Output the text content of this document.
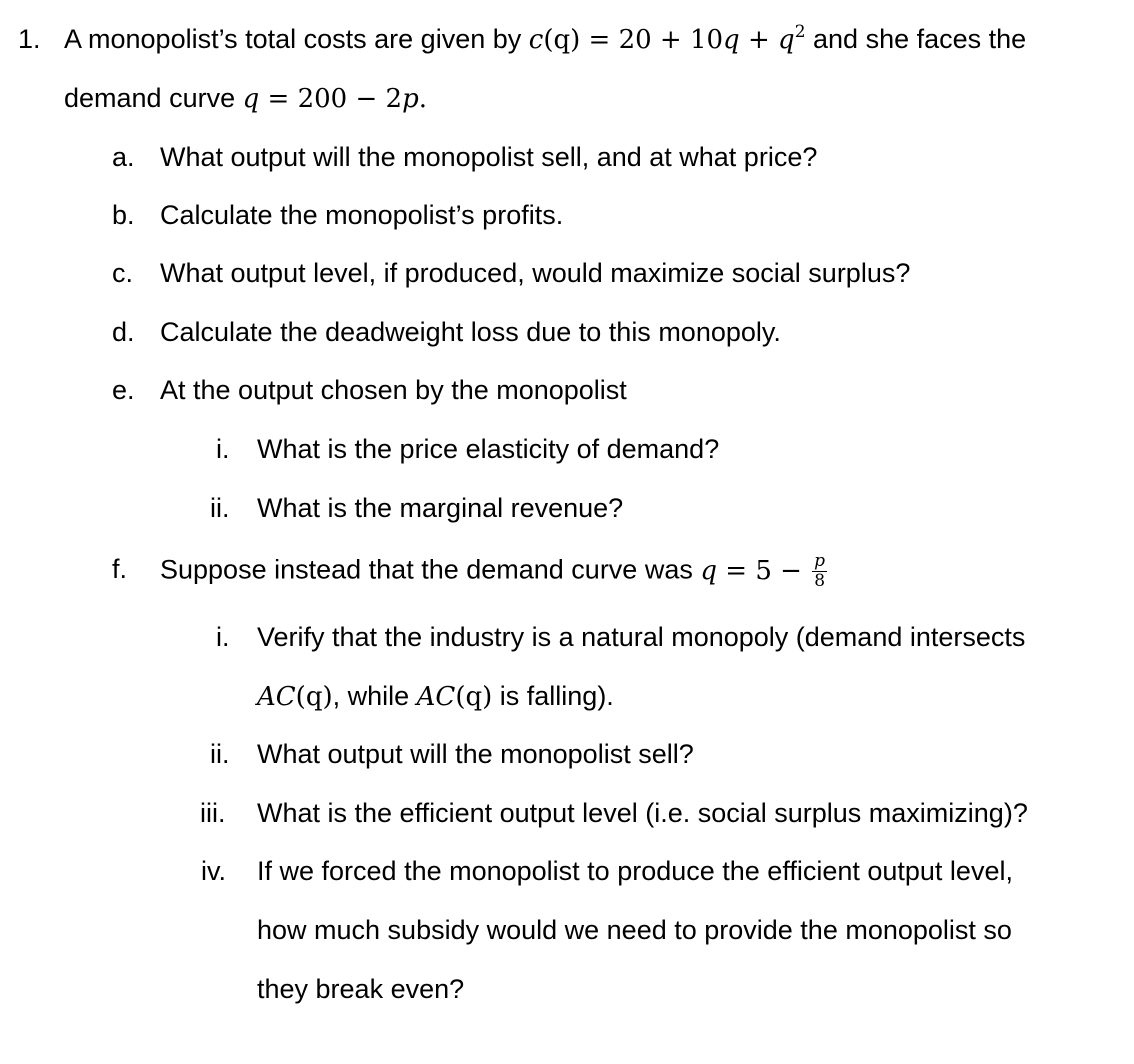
1. A monopolist’s total costs are given by $c(q) = 20 + 10q + q^2$ and she faces the
demand curve q = 200 − 2p.
a. What output will the monopolist sell, and at what price?
b. Calculate the monopolist’s profits.
c. What output level, if produced, would maximize social surplus?
d. Calculate the deadweight loss due to this monopoly.
e. At the output chosen by the monopolist
i. What is the price elasticity of demand?
ii. What is the marginal revenue?
f. Suppose instead that the demand curve was $q = 5 - \frac{p}{8}$
i. Verify that the industry is a natural monopoly (demand intersects
AC(q), while AC(q) is falling).
ii. What output will the monopolist sell?
iii. What is the efficient output level (i.e. social surplus maximizing)?
iv. If we forced the monopolist to produce the efficient output level,
how much subsidy would we need to provide the monopolist so
they break even?
